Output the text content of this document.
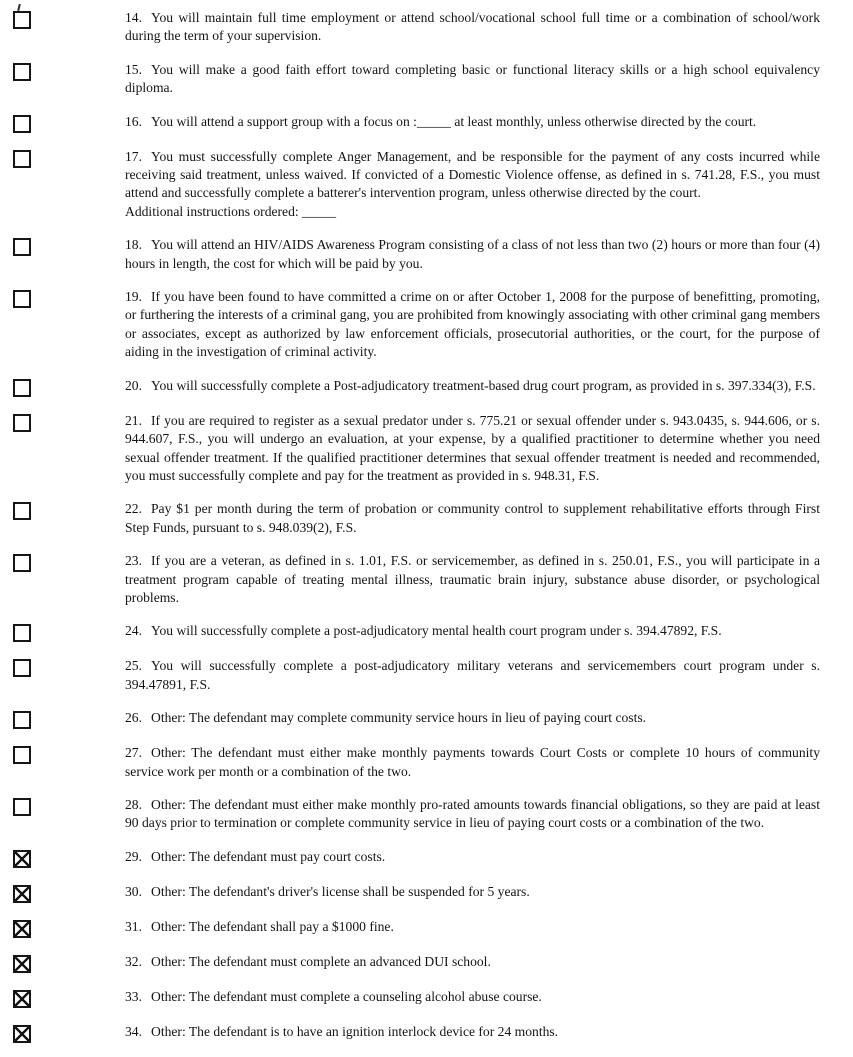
14. You will maintain full time employment or attend school/vocational school full time or a combination of school/work during the term of your supervision.
15. You will make a good faith effort toward completing basic or functional literacy skills or a high school equivalency diploma.
16. You will attend a support group with a focus on :_____ at least monthly, unless otherwise directed by the court.
17. You must successfully complete Anger Management, and be responsible for the payment of any costs incurred while receiving said treatment, unless waived. If convicted of a Domestic Violence offense, as defined in s. 741.28, F.S., you must attend and successfully complete a batterer's intervention program, unless otherwise directed by the court.
Additional instructions ordered: _____
18. You will attend an HIV/AIDS Awareness Program consisting of a class of not less than two (2) hours or more than four (4) hours in length, the cost for which will be paid by you.
19. If you have been found to have committed a crime on or after October 1, 2008 for the purpose of benefitting, promoting, or furthering the interests of a criminal gang, you are prohibited from knowingly associating with other criminal gang members or associates, except as authorized by law enforcement officials, prosecutorial authorities, or the court, for the purpose of aiding in the investigation of criminal activity.
20. You will successfully complete a Post-adjudicatory treatment-based drug court program, as provided in s. 397.334(3), F.S.
21. If you are required to register as a sexual predator under s. 775.21 or sexual offender under s. 943.0435, s. 944.606, or s. 944.607, F.S., you will undergo an evaluation, at your expense, by a qualified practitioner to determine whether you need sexual offender treatment. If the qualified practitioner determines that sexual offender treatment is needed and recommended, you must successfully complete and pay for the treatment as provided in s. 948.31, F.S.
22. Pay $1 per month during the term of probation or community control to supplement rehabilitative efforts through First Step Funds, pursuant to s. 948.039(2), F.S.
23. If you are a veteran, as defined in s. 1.01, F.S. or servicemember, as defined in s. 250.01, F.S., you will participate in a treatment program capable of treating mental illness, traumatic brain injury, substance abuse disorder, or psychological problems.
24. You will successfully complete a post-adjudicatory mental health court program under s. 394.47892, F.S.
25. You will successfully complete a post-adjudicatory military veterans and servicemembers court program under s. 394.47891, F.S.
26. Other: The defendant may complete community service hours in lieu of paying court costs.
27. Other: The defendant must either make monthly payments towards Court Costs or complete 10 hours of community service work per month or a combination of the two.
28. Other: The defendant must either make monthly pro-rated amounts towards financial obligations, so they are paid at least 90 days prior to termination or complete community service in lieu of paying court costs or a combination of the two.
29. Other: The defendant must pay court costs.
30. Other: The defendant's driver's license shall be suspended for 5 years.
31. Other: The defendant shall pay a $1000 fine.
32. Other: The defendant must complete an advanced DUI school.
33. Other: The defendant must complete a counseling alcohol abuse course.
34. Other: The defendant is to have an ignition interlock device for 24 months.
